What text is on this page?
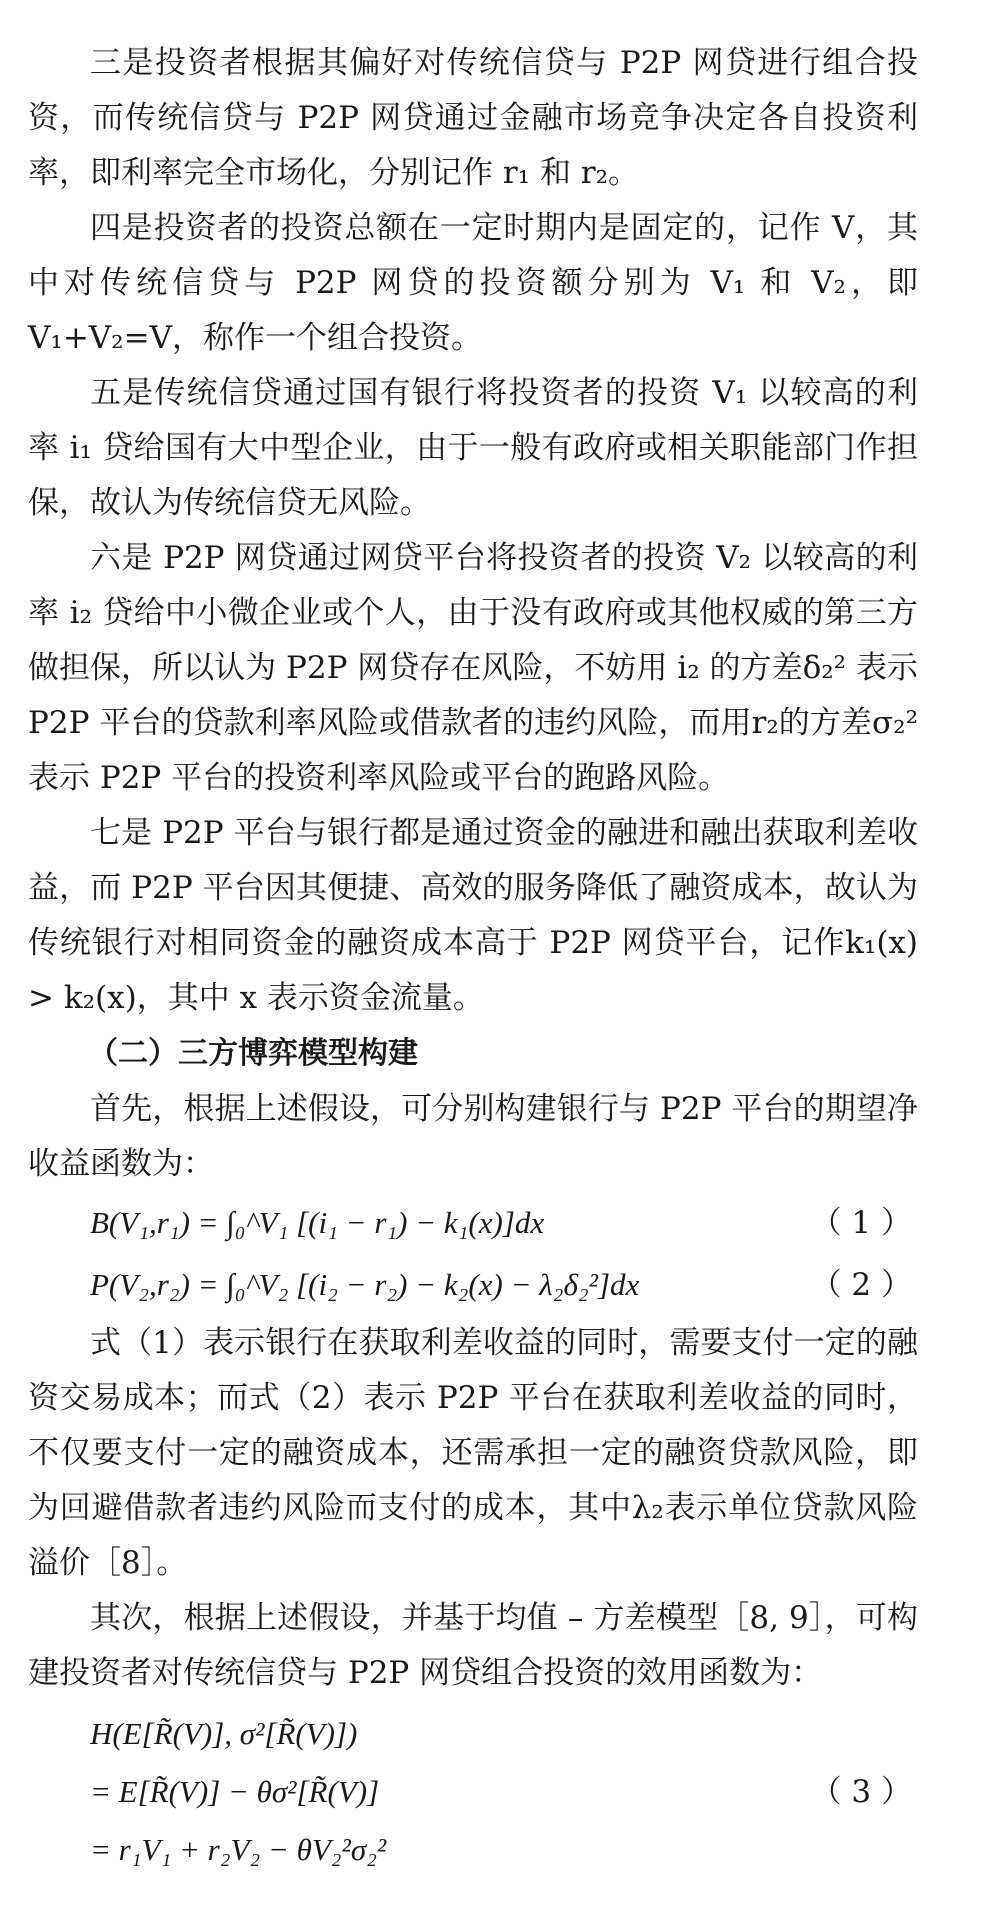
三是投资者根据其偏好对传统信贷与 P2P 网贷进行组合投资，而传统信贷与 P2P 网贷通过金融市场竞争决定各自投资利率，即利率完全市场化，分别记作 r₁ 和 r₂。

四是投资者的投资总额在一定时期内是固定的，记作 V，其中对传统信贷与 P2P 网贷的投资额分别为 V₁ 和 V₂，即 V₁+V₂=V，称作一个组合投资。

五是传统信贷通过国有银行将投资者的投资 V₁ 以较高的利率 i₁ 贷给国有大中型企业，由于一般有政府或相关职能部门作担保，故认为传统信贷无风险。

六是 P2P 网贷通过网贷平台将投资者的投资 V₂ 以较高的利率 i₂ 贷给中小微企业或个人，由于没有政府或其他权威的第三方做担保，所以认为 P2P 网贷存在风险，不妨用 i₂ 的方差δ₂² 表示 P2P 平台的贷款利率风险或借款者的违约风险，而用r₂的方差σ₂²表示 P2P 平台的投资利率风险或平台的跑路风险。

七是 P2P 平台与银行都是通过资金的融进和融出获取利差收益，而 P2P 平台因其便捷、高效的服务降低了融资成本，故认为传统银行对相同资金的融资成本高于 P2P 网贷平台，记作k₁(x) > k₂(x)，其中 x 表示资金流量。

（二）三方博弈模型构建

首先，根据上述假设，可分别构建银行与 P2P 平台的期望净收益函数为：

B(V₁,r₁) = ∫₀^V₁ [(i₁ − r₁) − k₁(x)]dx	（ 1 ）
P(V₂,r₂) = ∫₀^V₂ [(i₂ − r₂) − k₂(x) − λ₂δ₂²]dx	（ 2 ）

式（1）表示银行在获取利差收益的同时，需要支付一定的融资交易成本；而式（2）表示 P2P 平台在获取利差收益的同时，不仅要支付一定的融资成本，还需承担一定的融资贷款风险，即为回避借款者违约风险而支付的成本，其中λ₂表示单位贷款风险溢价［8］。

其次，根据上述假设，并基于均值 – 方差模型［8, 9］，可构建投资者对传统信贷与 P2P 网贷组合投资的效用函数为：

H(E[R̃(V)], σ²[R̃(V)])
= E[R̃(V)] − θσ²[R̃(V)]
= r₁V₁ + r₂V₂ − θV₂²σ₂²
（ 3 ）
